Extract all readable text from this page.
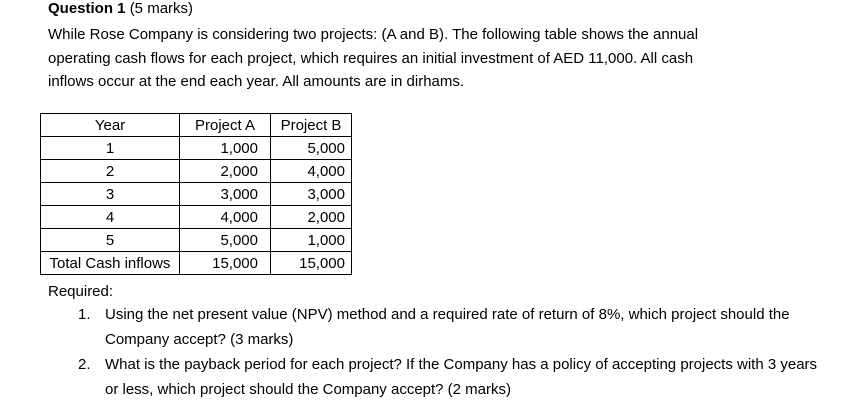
Question 1 (5 marks)

While Rose Company is considering two projects: (A and B). The following table shows the annual

operating cash flows for each project, which requires an initial investment of AED 11,000. All cash

inflows occur at the end each year. All amounts are in dirhams.

Year	Project A	Project B
1	1,000	5,000
2	2,000	4,000
3	3,000	3,000
4	4,000	2,000
5	5,000	1,000
Total Cash inflows	15,000	15,000
Required:
1. Using the net present value (NPV) method and a required rate of return of 8%, which project should the Company accept? (3 marks)
2. What is the payback period for each project? If the Company has a policy of accepting projects with 3 years or less, which project should the Company accept? (2 marks)
